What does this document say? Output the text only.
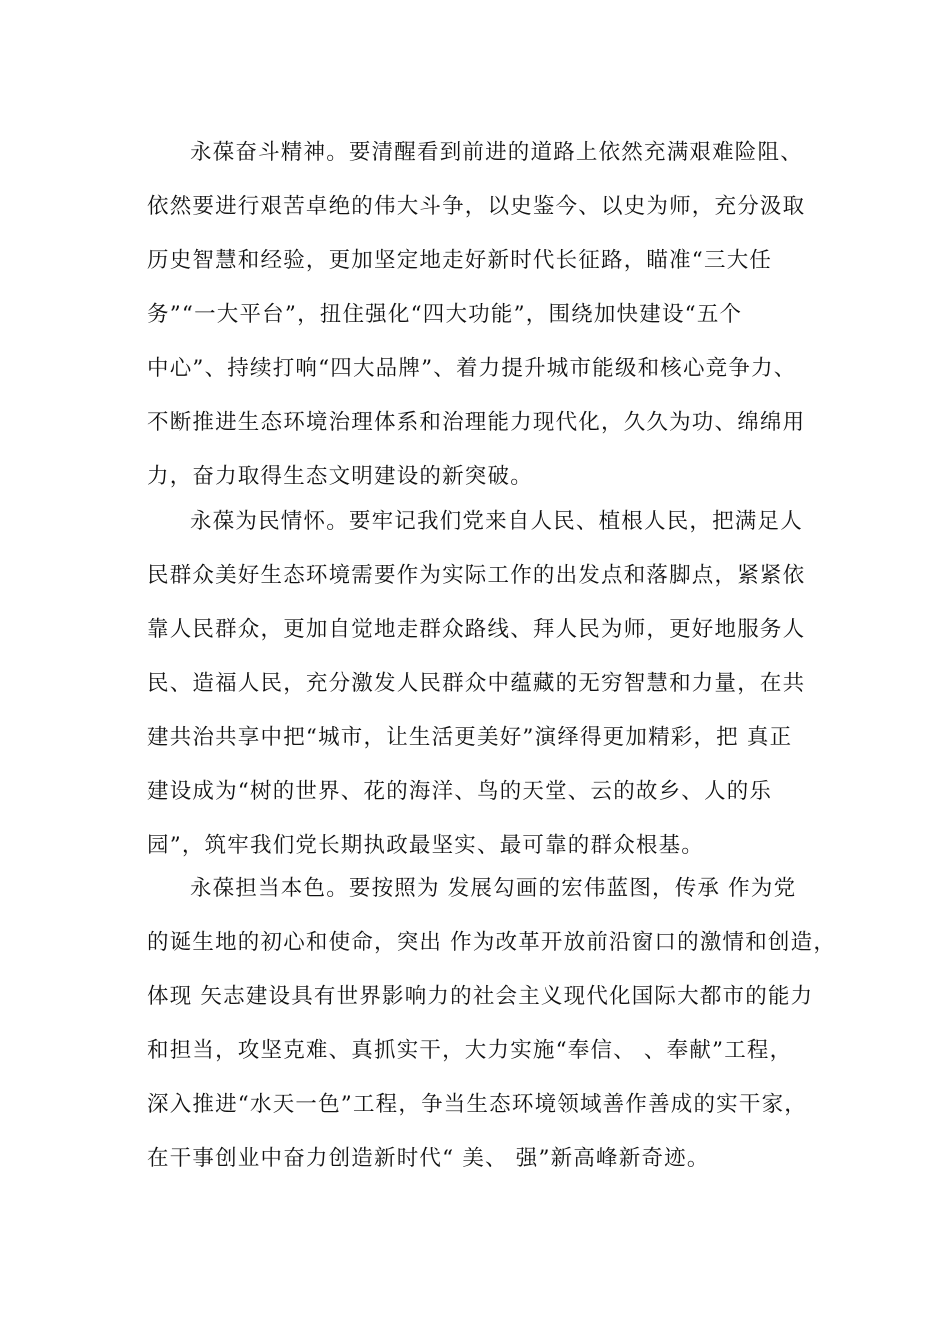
永葆奋斗精神。要清醒看到前进的道路上依然充满艰难险阻、
依然要进行艰苦卓绝的伟大斗争，以史鉴今、以史为师，充分汲取
历史智慧和经验，更加坚定地走好新时代长征路，瞄准“三大任
务”“一大平台”，扭住强化“四大功能”，围绕加快建设“五个
中心”、持续打响“四大品牌”、着力提升城市能级和核心竞争力、
不断推进生态环境治理体系和治理能力现代化，久久为功、绵绵用
力，奋力取得生态文明建设的新突破。
永葆为民情怀。要牢记我们党来自人民、植根人民，把满足人
民群众美好生态环境需要作为实际工作的出发点和落脚点，紧紧依
靠人民群众，更加自觉地走群众路线、拜人民为师，更好地服务人
民、造福人民，充分激发人民群众中蕴藏的无穷智慧和力量，在共
建共治共享中把“城市，让生活更美好”演绎得更加精彩，把 真正
建设成为“树的世界、花的海洋、鸟的天堂、云的故乡、人的乐
园”，筑牢我们党长期执政最坚实、最可靠的群众根基。
永葆担当本色。要按照为 发展勾画的宏伟蓝图，传承 作为党
的诞生地的初心和使命，突出 作为改革开放前沿窗口的激情和创造，
体现 矢志建设具有世界影响力的社会主义现代化国际大都市的能力
和担当，攻坚克难、真抓实干，大力实施“奉信、 、奉献”工程，
深入推进“水天一色”工程，争当生态环境领域善作善成的实干家，
在干事创业中奋力创造新时代“ 美、 强”新高峰新奇迹。
